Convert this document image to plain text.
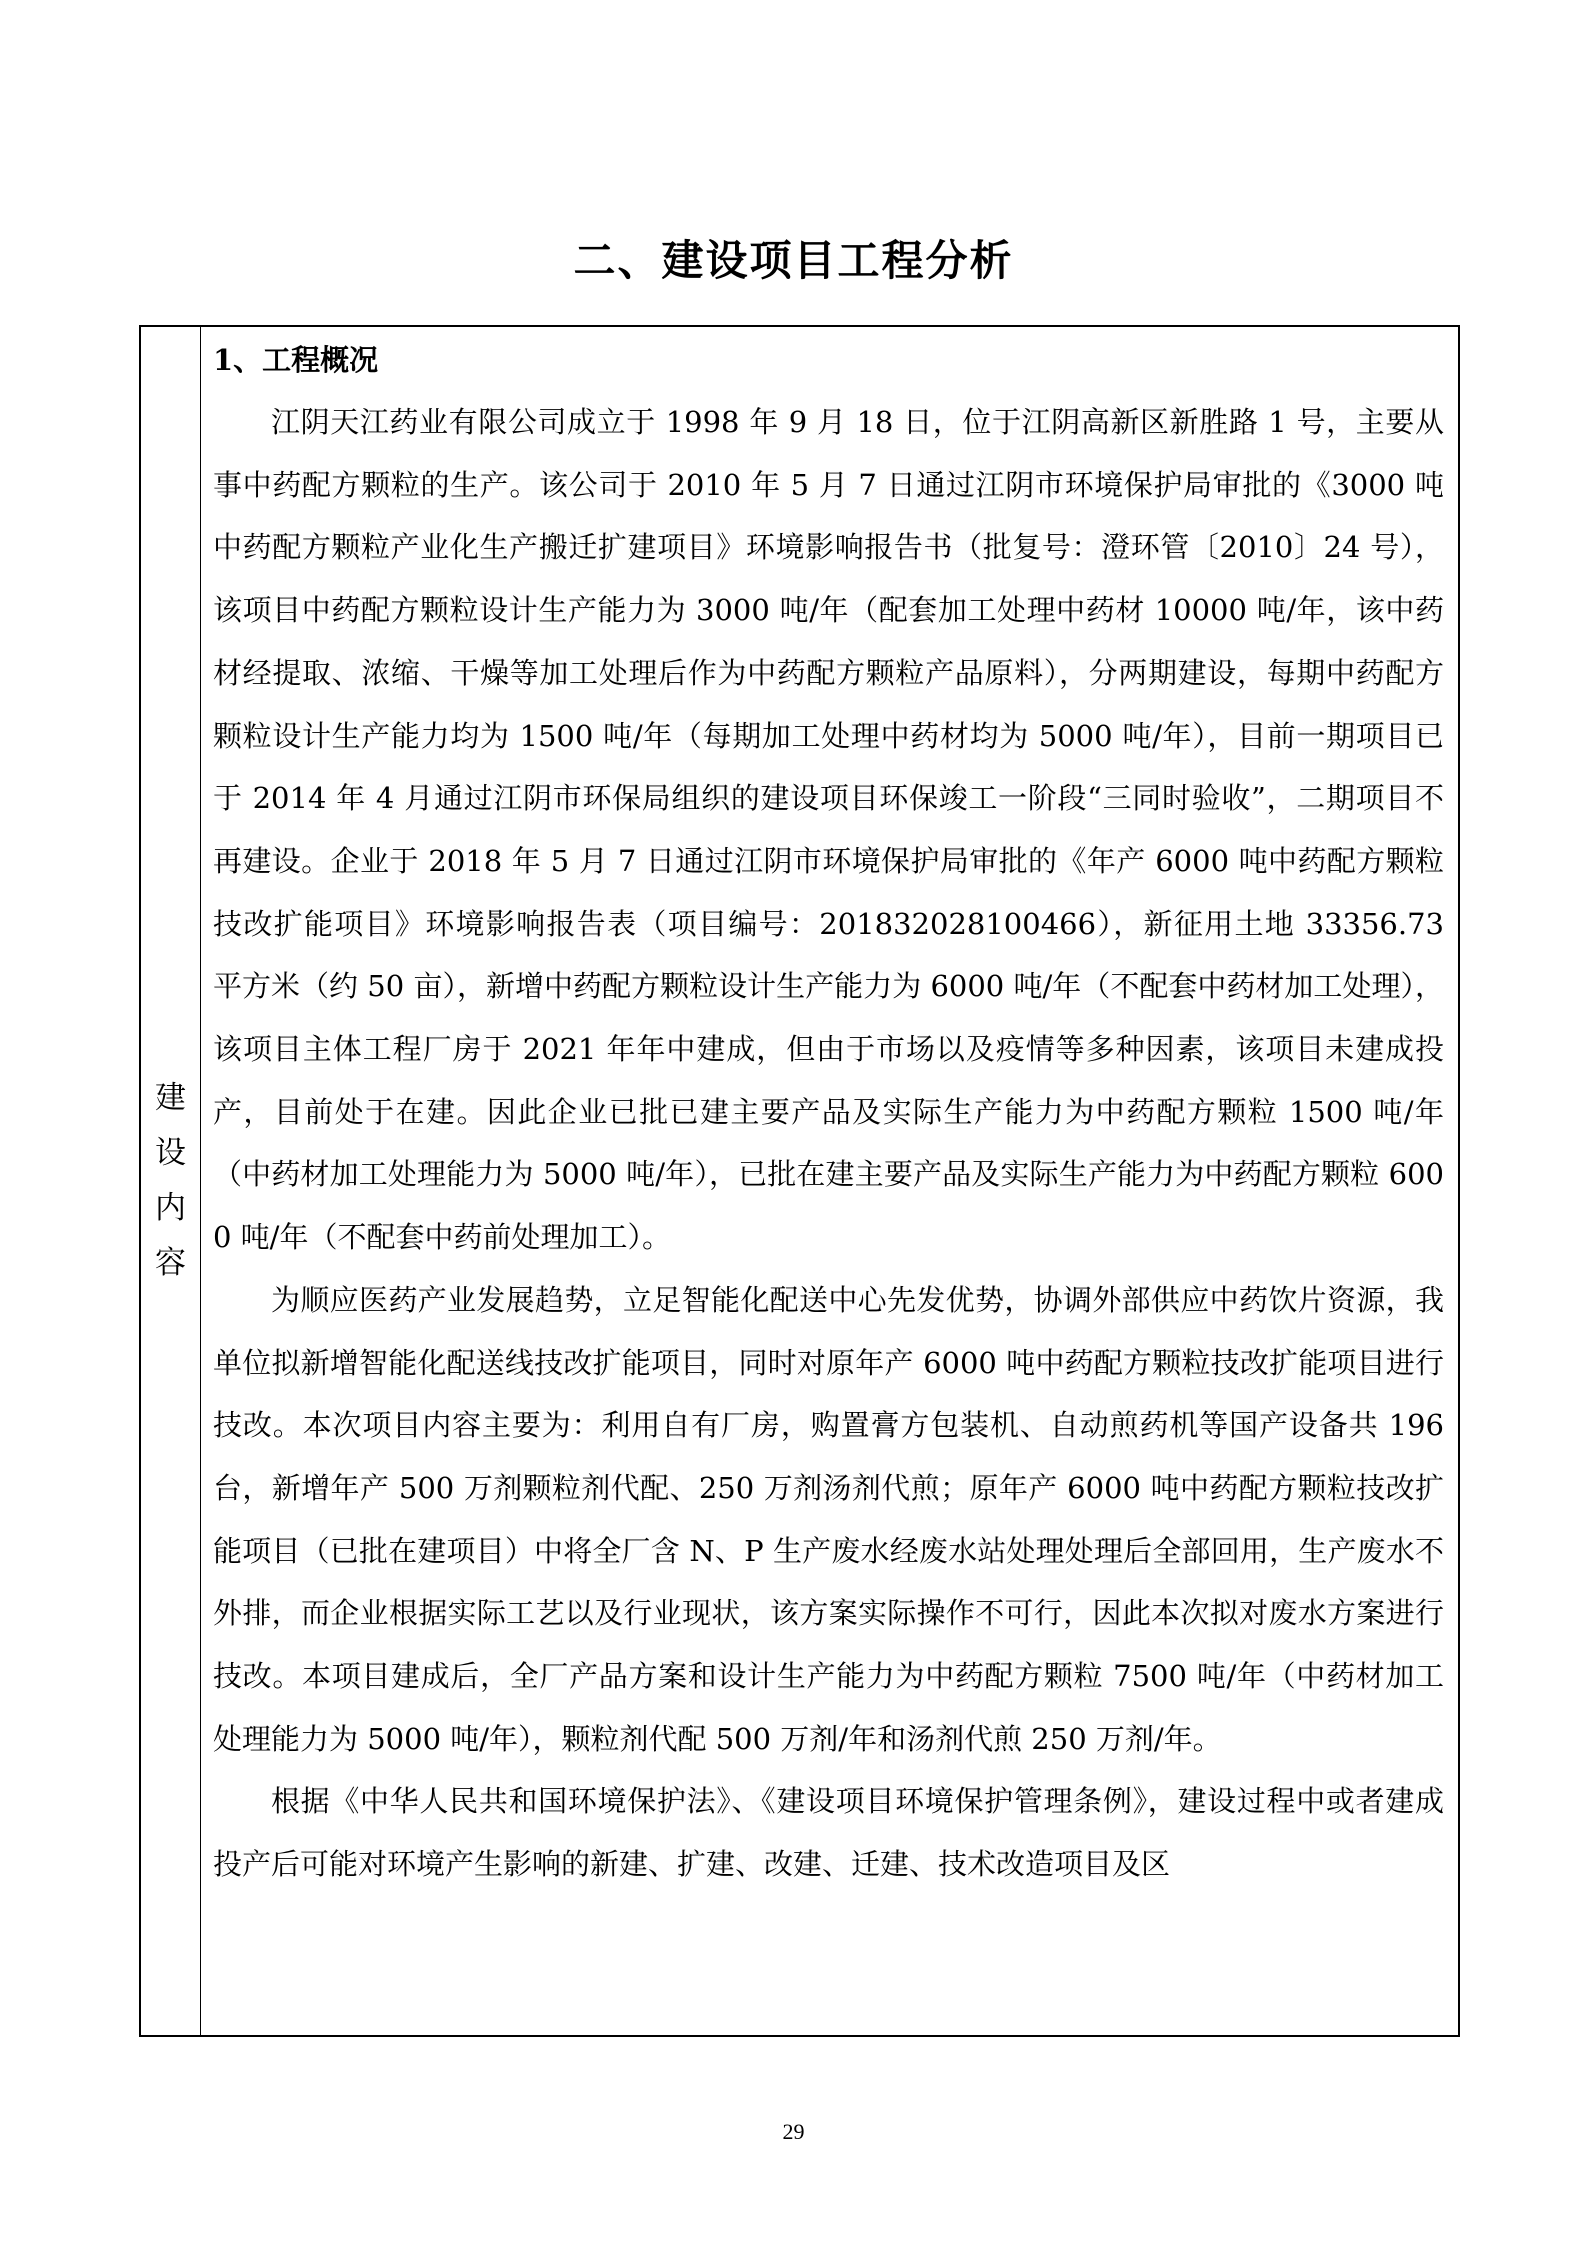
二、建设项目工程分析
建设内容
1、工程概况

江阴天江药业有限公司成立于 1998 年 9 月 18 日，位于江阴高新区新胜路 1 号，主要从事中药配方颗粒的生产。该公司于 2010 年 5 月 7 日通过江阴市环境保护局审批的《3000 吨中药配方颗粒产业化生产搬迁扩建项目》环境影响报告书（批复号：澄环管〔2010〕24 号），该项目中药配方颗粒设计生产能力为 3000 吨/年（配套加工处理中药材 10000 吨/年，该中药材经提取、浓缩、干燥等加工处理后作为中药配方颗粒产品原料），分两期建设，每期中药配方颗粒设计生产能力均为 1500 吨/年（每期加工处理中药材均为 5000 吨/年），目前一期项目已于 2014 年 4 月通过江阴市环保局组织的建设项目环保竣工一阶段“三同时验收”，二期项目不再建设。企业于 2018 年 5 月 7 日通过江阴市环境保护局审批的《年产 6000 吨中药配方颗粒技改扩能项目》环境影响报告表（项目编号：201832028100466），新征用土地 33356.73 平方米（约 50 亩），新增中药配方颗粒设计生产能力为 6000 吨/年（不配套中药材加工处理），该项目主体工程厂房于 2021 年年中建成，但由于市场以及疫情等多种因素，该项目未建成投产，目前处于在建。因此企业已批已建主要产品及实际生产能力为中药配方颗粒 1500 吨/年（中药材加工处理能力为 5000 吨/年），已批在建主要产品及实际生产能力为中药配方颗粒 6000 吨/年（不配套中药前处理加工）。

为顺应医药产业发展趋势，立足智能化配送中心先发优势，协调外部供应中药饮片资源，我单位拟新增智能化配送线技改扩能项目，同时对原年产 6000 吨中药配方颗粒技改扩能项目进行技改。本次项目内容主要为：利用自有厂房，购置膏方包装机、自动煎药机等国产设备共 196 台，新增年产 500 万剂颗粒剂代配、250 万剂汤剂代煎；原年产 6000 吨中药配方颗粒技改扩能项目（已批在建项目）中将全厂含 N、P 生产废水经废水站处理处理后全部回用，生产废水不外排，而企业根据实际工艺以及行业现状，该方案实际操作不可行，因此本次拟对废水方案进行技改。本项目建成后，全厂产品方案和设计生产能力为中药配方颗粒 7500 吨/年（中药材加工处理能力为 5000 吨/年），颗粒剂代配 500 万剂/年和汤剂代煎 250 万剂/年。

根据《中华人民共和国环境保护法》、《建设项目环境保护管理条例》，建设过程中或者建成投产后可能对环境产生影响的新建、扩建、改建、迁建、技术改造项目及区

29
